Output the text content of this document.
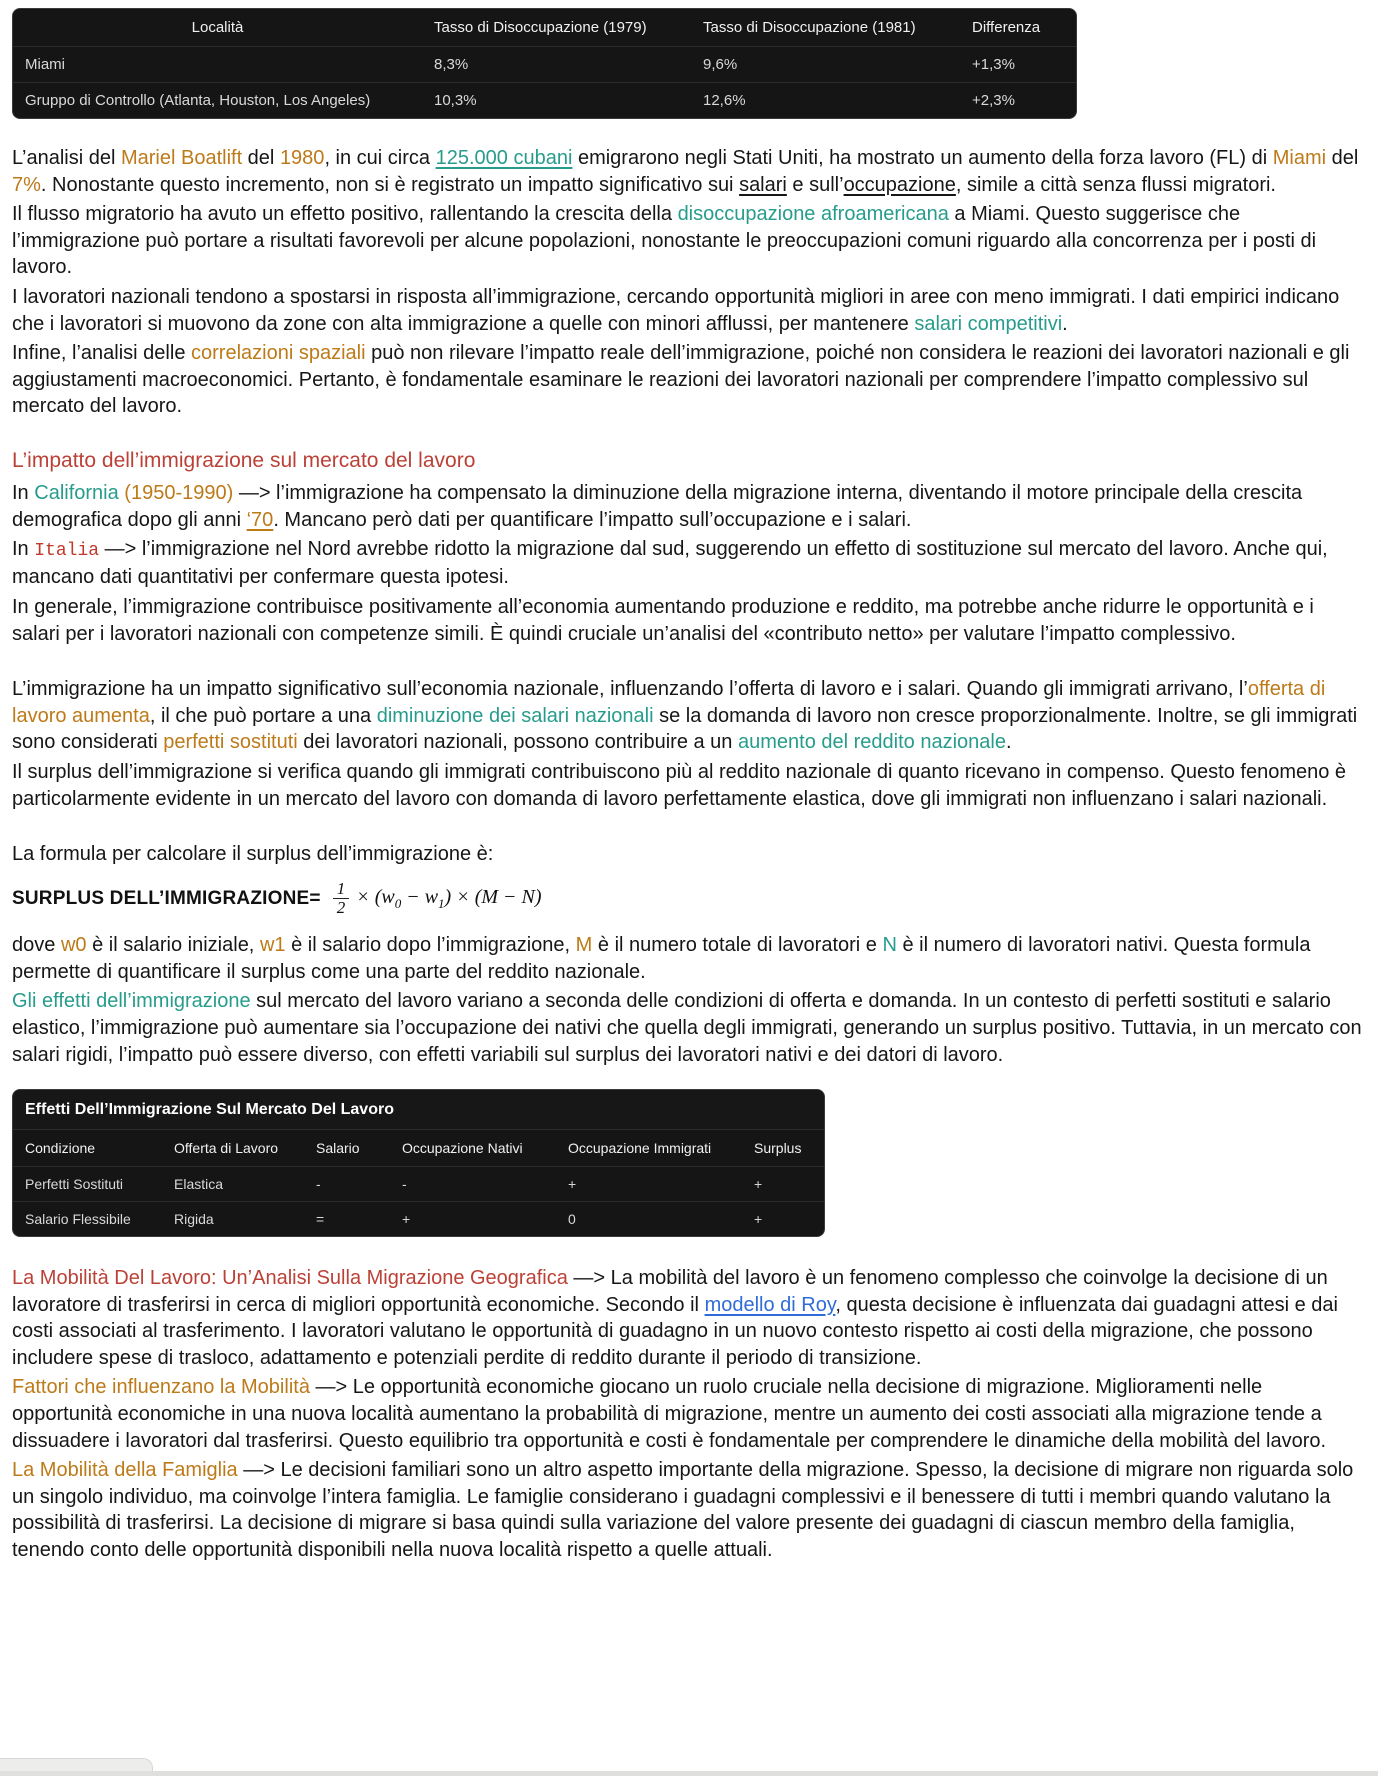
Località	Tasso di Disoccupazione (1979)	Tasso di Disoccupazione (1981)	Differenza
Miami	8,3%	9,6%	+1,3%
Gruppo di Controllo (Atlanta, Houston, Los Angeles)	10,3%	12,6%	+2,3%

L’analisi del Mariel Boatlift del 1980, in cui circa 125.000 cubani emigrarono negli Stati Uniti, ha mostrato un aumento della forza lavoro (FL) di Miami del 7%. Nonostante questo incremento, non si è registrato un impatto significativo sui salari e sull’occupazione, simile a città senza flussi migratori.

Il flusso migratorio ha avuto un effetto positivo, rallentando la crescita della disoccupazione afroamericana a Miami. Questo suggerisce che l’immigrazione può portare a risultati favorevoli per alcune popolazioni, nonostante le preoccupazioni comuni riguardo alla concorrenza per i posti di lavoro.

I lavoratori nazionali tendono a spostarsi in risposta all’immigrazione, cercando opportunità migliori in aree con meno immigrati. I dati empirici indicano che i lavoratori si muovono da zone con alta immigrazione a quelle con minori afflussi, per mantenere salari competitivi.

Infine, l’analisi delle correlazioni spaziali può non rilevare l’impatto reale dell’immigrazione, poiché non considera le reazioni dei lavoratori nazionali e gli aggiustamenti macroeconomici. Pertanto, è fondamentale esaminare le reazioni dei lavoratori nazionali per comprendere l’impatto complessivo sul mercato del lavoro.

L’impatto dell’immigrazione sul mercato del lavoro

In California (1950-1990) —> l’immigrazione ha compensato la diminuzione della migrazione interna, diventando il motore principale della crescita demografica dopo gli anni ‘70. Mancano però dati per quantificare l’impatto sull’occupazione e i salari.

In Italia —> l’immigrazione nel Nord avrebbe ridotto la migrazione dal sud, suggerendo un effetto di sostituzione sul mercato del lavoro. Anche qui, mancano dati quantitativi per confermare questa ipotesi.

In generale, l’immigrazione contribuisce positivamente all’economia aumentando produzione e reddito, ma potrebbe anche ridurre le opportunità e i salari per i lavoratori nazionali con competenze simili. È quindi cruciale un’analisi del «contributo netto» per valutare l’impatto complessivo.

L’immigrazione ha un impatto significativo sull’economia nazionale, influenzando l’offerta di lavoro e i salari. Quando gli immigrati arrivano, l’offerta di lavoro aumenta, il che può portare a una diminuzione dei salari nazionali se la domanda di lavoro non cresce proporzionalmente. Inoltre, se gli immigrati sono considerati perfetti sostituti dei lavoratori nazionali, possono contribuire a un aumento del reddito nazionale.

Il surplus dell’immigrazione si verifica quando gli immigrati contribuiscono più al reddito nazionale di quanto ricevano in compenso. Questo fenomeno è particolarmente evidente in un mercato del lavoro con domanda di lavoro perfettamente elastica, dove gli immigrati non influenzano i salari nazionali.

La formula per calcolare il surplus dell’immigrazione è:

SURPLUS DELL’IMMIGRAZIONE= $\frac{1}{2} \times (w_0 - w_1) \times (M - N)$

dove w0 è il salario iniziale, w1 è il salario dopo l’immigrazione, M è il numero totale di lavoratori e N è il numero di lavoratori nativi. Questa formula permette di quantificare il surplus come una parte del reddito nazionale.

Gli effetti dell’immigrazione sul mercato del lavoro variano a seconda delle condizioni di offerta e domanda. In un contesto di perfetti sostituti e salario elastico, l’immigrazione può aumentare sia l’occupazione dei nativi che quella degli immigrati, generando un surplus positivo. Tuttavia, in un mercato con salari rigidi, l’impatto può essere diverso, con effetti variabili sul surplus dei lavoratori nativi e dei datori di lavoro.

Effetti Dell’Immigrazione Sul Mercato Del Lavoro
Condizione	Offerta di Lavoro	Salario	Occupazione Nativi	Occupazione Immigrati	Surplus
Perfetti Sostituti	Elastica	-	-	+	+
Salario Flessibile	Rigida	=	+	0	+

La Mobilità Del Lavoro: Un’Analisi Sulla Migrazione Geografica —> La mobilità del lavoro è un fenomeno complesso che coinvolge la decisione di un lavoratore di trasferirsi in cerca di migliori opportunità economiche. Secondo il modello di Roy, questa decisione è influenzata dai guadagni attesi e dai costi associati al trasferimento. I lavoratori valutano le opportunità di guadagno in un nuovo contesto rispetto ai costi della migrazione, che possono includere spese di trasloco, adattamento e potenziali perdite di reddito durante il periodo di transizione.

Fattori che influenzano la Mobilità —> Le opportunità economiche giocano un ruolo cruciale nella decisione di migrazione. Miglioramenti nelle opportunità economiche in una nuova località aumentano la probabilità di migrazione, mentre un aumento dei costi associati alla migrazione tende a dissuadere i lavoratori dal trasferirsi. Questo equilibrio tra opportunità e costi è fondamentale per comprendere le dinamiche della mobilità del lavoro.

La Mobilità della Famiglia —> Le decisioni familiari sono un altro aspetto importante della migrazione. Spesso, la decisione di migrare non riguarda solo un singolo individuo, ma coinvolge l’intera famiglia. Le famiglie considerano i guadagni complessivi e il benessere di tutti i membri quando valutano la possibilità di trasferirsi. La decisione di migrare si basa quindi sulla variazione del valore presente dei guadagni di ciascun membro della famiglia, tenendo conto delle opportunità disponibili nella nuova località rispetto a quelle attuali.
